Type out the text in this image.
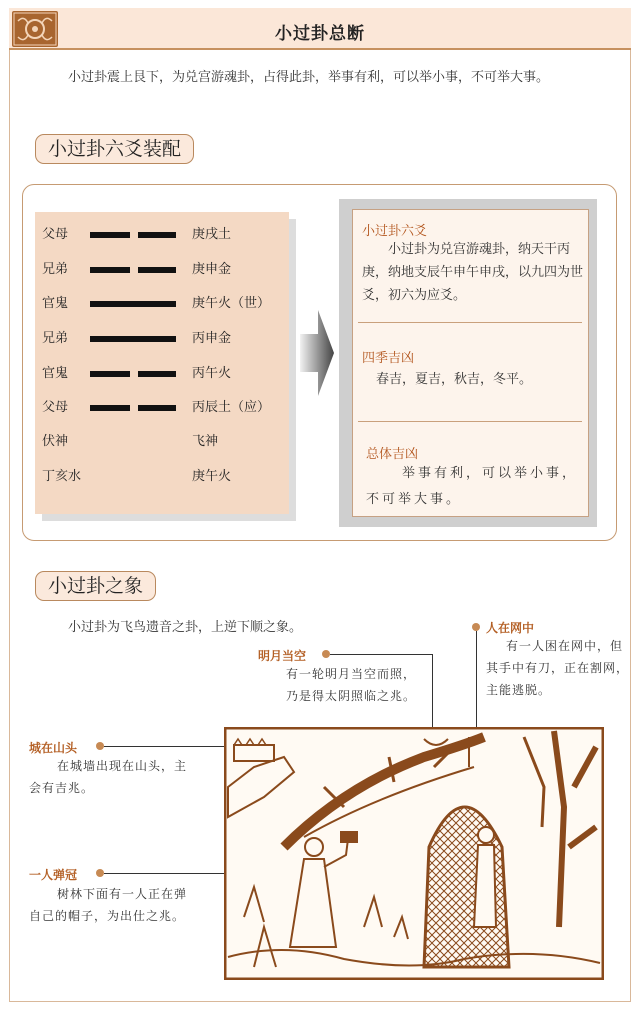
小过卦总断
小过卦震上艮下，为兑宫游魂卦，占得此卦，举事有利，可以举小事，不可举大事。
小过卦六爻装配
父母	庚戌土
兄弟	庚申金
官鬼	庚午火（世）
兄弟	丙申金
官鬼	丙午火
父母	丙辰土（应）
伏神	飞神
丁亥水	庚午火
小过卦六爻
小过卦为兑宫游魂卦，纳天干丙庚，纳地支辰午申午申戌，以九四为世爻，初六为应爻。
四季吉凶
春吉，夏吉，秋吉，冬平。
总体吉凶
举事有利，可以举小事，不可举大事。
小过卦之象
小过卦为飞鸟遗音之卦，上逆下顺之象。
明月当空
有一轮明月当空而照，乃是得太阴照临之兆。
人在网中
有一人困在网中，但其手中有刀，正在割网，主能逃脱。
城在山头
在城墙出现在山头，主会有吉兆。
一人弹冠
树林下面有一人正在弹自己的帽子，为出仕之兆。
